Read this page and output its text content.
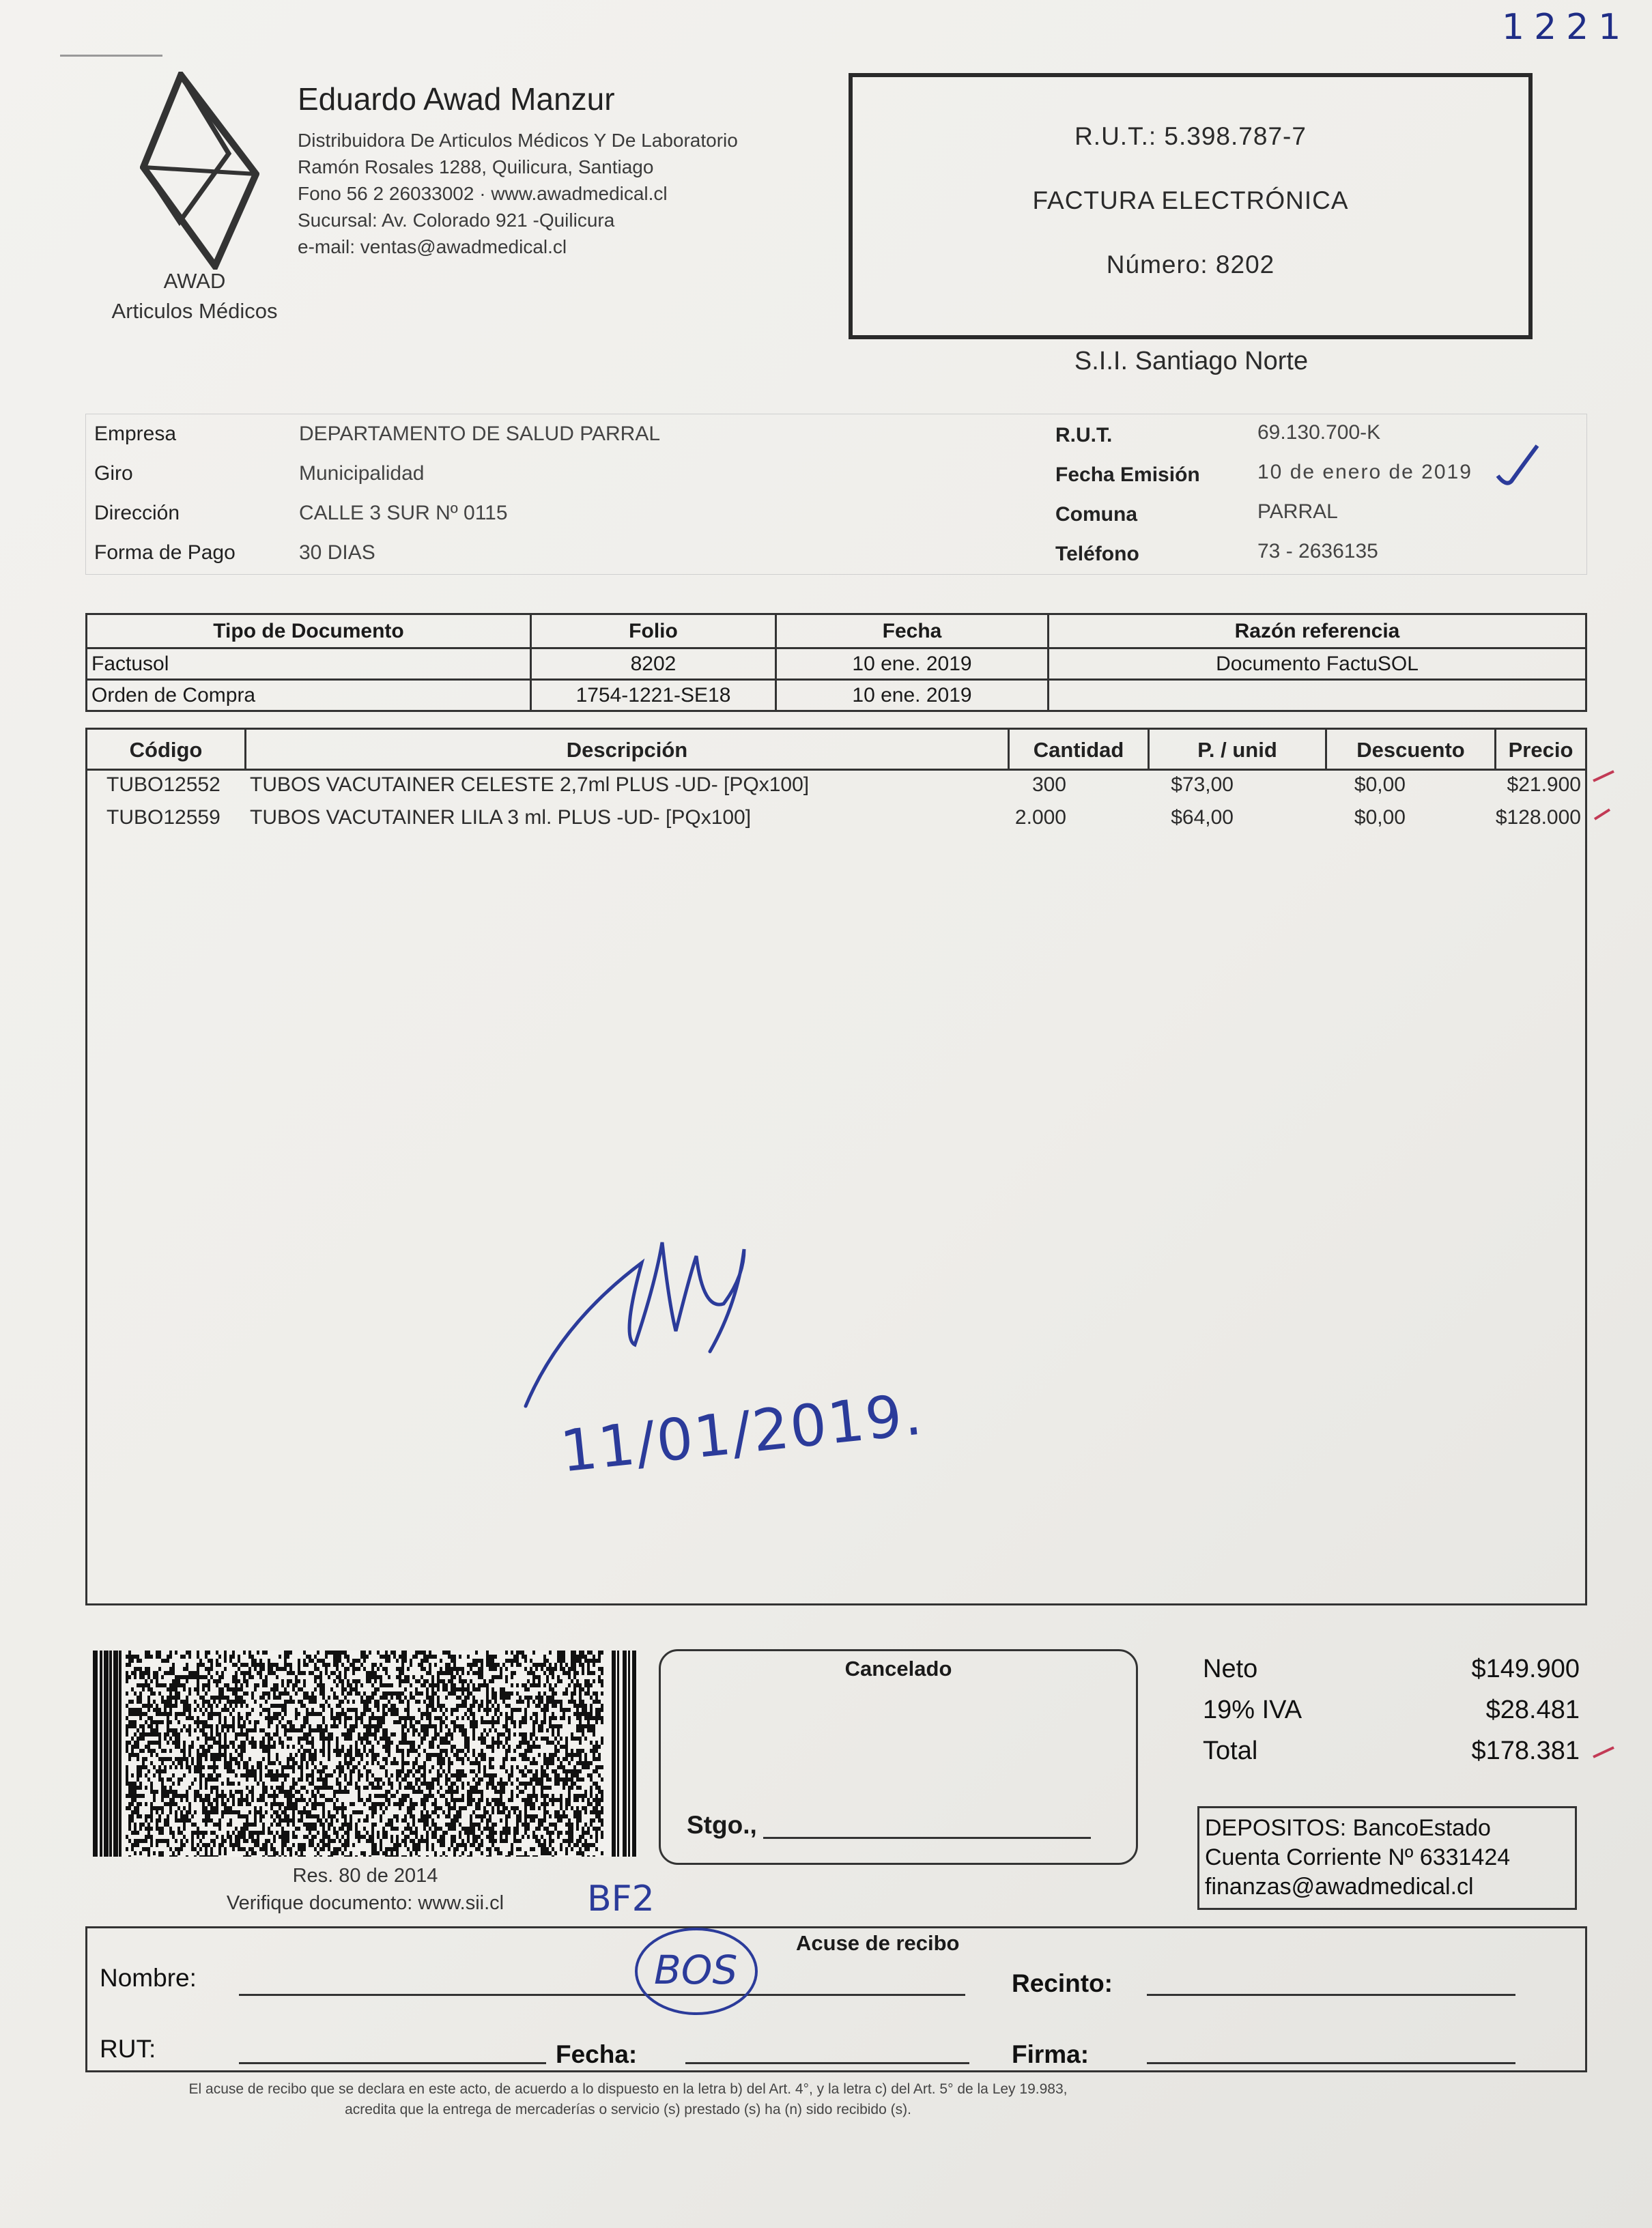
1221
AWAD
Articulos Médicos
Eduardo Awad Manzur
Distribuidora De Articulos Médicos Y De Laboratorio
Ramón Rosales 1288, Quilicura, Santiago
Fono 56 2 26033002 · www.awadmedical.cl
Sucursal: Av. Colorado 921 -Quilicura
e-mail: ventas@awadmedical.cl
R.U.T.: 5.398.787-7
FACTURA ELECTRÓNICA
Número: 8202
S.I.I. Santiago Norte
Empresa	DEPARTAMENTO DE SALUD PARRAL
Giro	Municipalidad
Dirección	CALLE 3 SUR Nº 0115
Forma de Pago	30 DIAS
R.U.T.	69.130.700-K
Fecha Emisión	10 de enero de 2019
Comuna	PARRAL
Teléfono	73 - 2636135
Tipo de Documento	Folio	Fecha	Razón referencia
Factusol	8202	10 ene. 2019	Documento FactuSOL
Orden de Compra	1754-1221-SE18	10 ene. 2019	
Código	Descripción	Cantidad	P. / unid	Descuento	Precio
TUBO12552 TUBOS VACUTAINER CELESTE 2,7ml PLUS -UD- [PQx100]	300	$73,00	$0,00	$21.900
TUBO12559 TUBOS VACUTAINER LILA 3 ml. PLUS -UD- [PQx100]	2.000	$64,00	$0,00	$128.000
11/01/2019.
Res. 80 de 2014
Verifique documento: www.sii.cl	BF2
Cancelado
Stgo.,
Neto	$149.900
19% IVA	$28.481
Total	$178.381
DEPOSITOS: BancoEstado
Cuenta Corriente Nº 6331424
finanzas@awadmedical.cl
Acuse de recibo
Nombre:	Recinto:
RUT:	Fecha:	Firma:
BOS
El acuse de recibo que se declara en este acto, de acuerdo a lo dispuesto en la letra b) del Art. 4°, y la letra c) del Art. 5° de la Ley 19.983,
acredita que la entrega de mercaderías o servicio (s) prestado (s) ha (n) sido recibido (s).
